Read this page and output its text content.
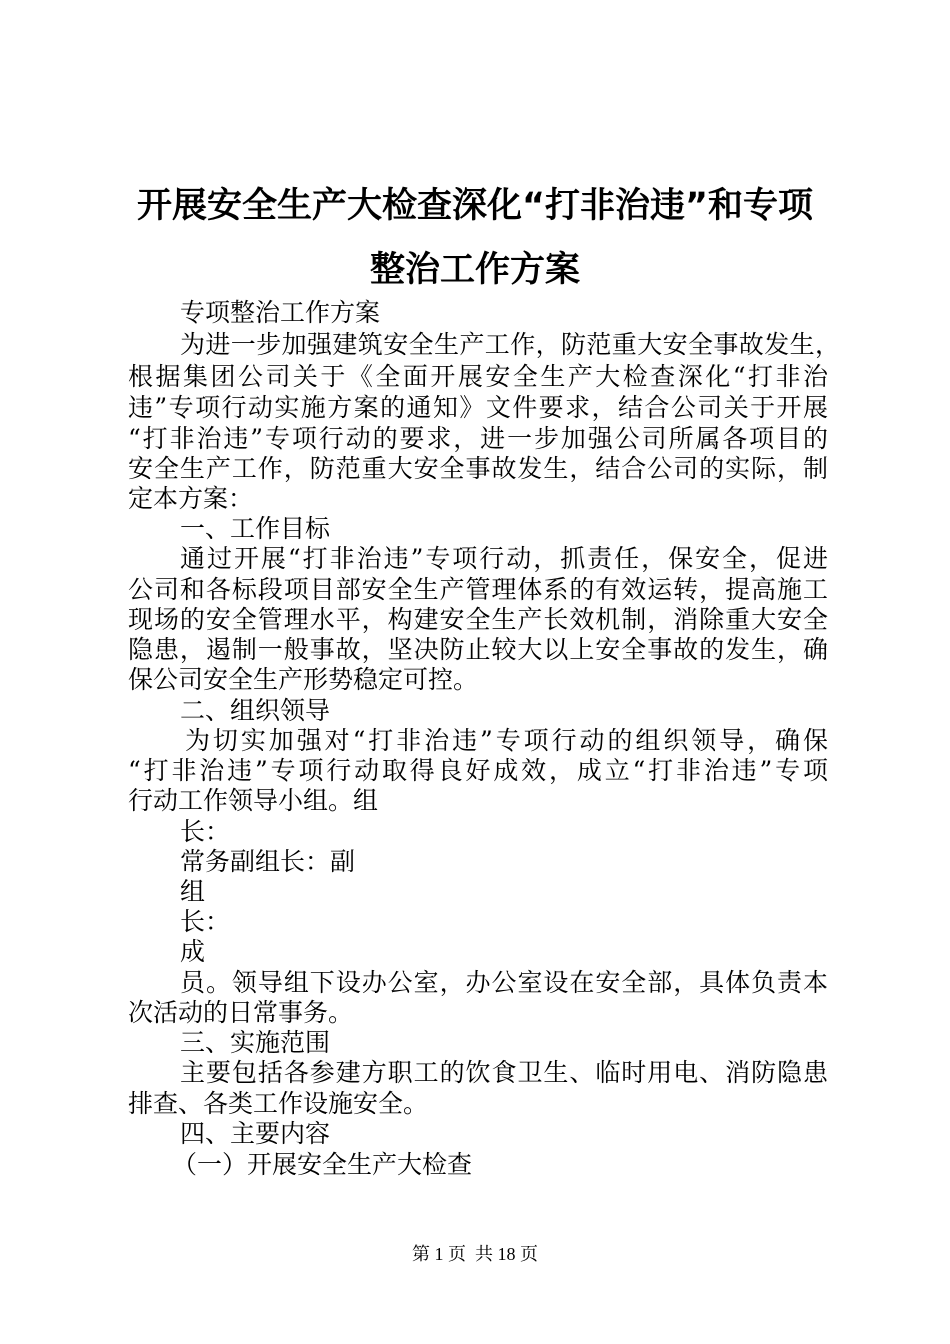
开展安全生产大检查深化“打非治违”和专项
整治工作方案
专项整治工作方案
为进一步加强建筑安全生产工作，防范重大安全事故发生，
根据集团公司关于《全面开展安全生产大检查深化“打非治
违”专项行动实施方案的通知》文件要求，结合公司关于开展
“打非治违”专项行动的要求，进一步加强公司所属各项目的
安全生产工作，防范重大安全事故发生，结合公司的实际，制
定本方案：
一、工作目标
通过开展“打非治违”专项行动，抓责任，保安全，促进
公司和各标段项目部安全生产管理体系的有效运转，提高施工
现场的安全管理水平，构建安全生产长效机制，消除重大安全
隐患，遏制一般事故，坚决防止较大以上安全事故的发生，确
保公司安全生产形势稳定可控。
二、组织领导
为切实加强对“打非治违”专项行动的组织领导，确保
“打非治违”专项行动取得良好成效，成立“打非治违”专项
行动工作领导小组。组
长：
常务副组长：副
组
长：
成
员。领导组下设办公室，办公室设在安全部，具体负责本
次活动的日常事务。
三、实施范围
主要包括各参建方职工的饮食卫生、临时用电、消防隐患
排查、各类工作设施安全。
四、主要内容
（一）开展安全生产大检查
第 1 页  共 18 页
